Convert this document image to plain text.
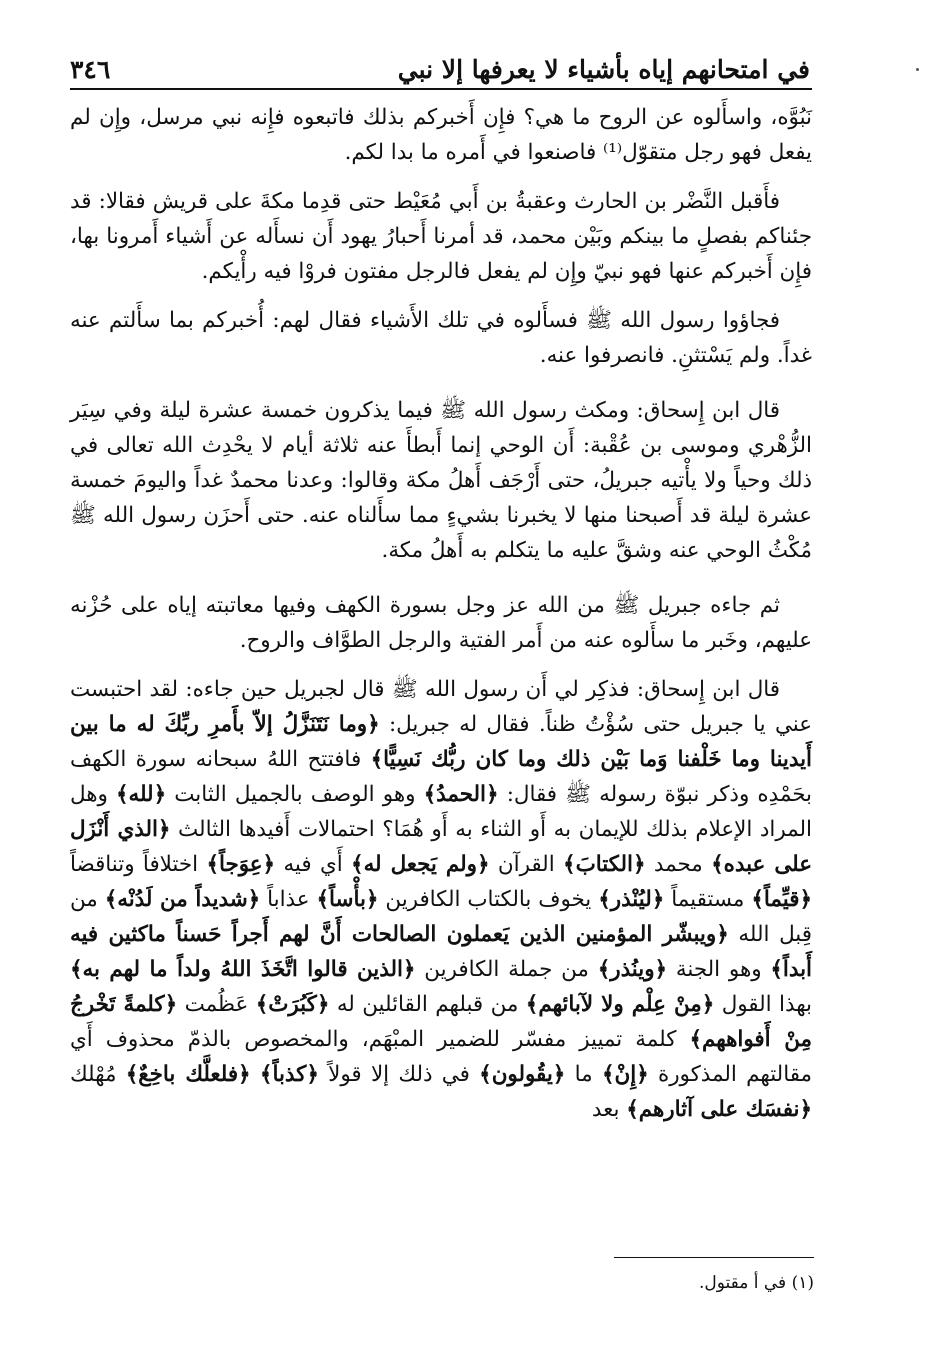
في امتحانهم إياه بأشياء لا يعرفها إلا نبي
٣٤٦

نَبُوَّه، واسأَلوه عن الروح ما هي؟ فإِن أَخبركم بذلك فاتبعوه فإِنه نبي مرسل، وإِن لم يفعل فهو رجل متقوّل⁽¹⁾ فاصنعوا في أَمره ما بدا لكم.

فأَقبل النَّضْر بن الحارث وعقبةُ بن أَبي مُعَيْط حتى قدِما مكةَ على قريش فقالا: قد جئناكم بفصلٍ ما بينكم وبَيْن محمد، قد أمرنا أَحبارُ يهود أَن نسأَله عن أَشياء أَمرونا بها، فإِن أَخبركم عنها فهو نبيّ وإِن لم يفعل فالرجل مفتون فروْا فيه رأْيكم.

فجاؤوا رسول الله ﷺ فسأَلوه في تلك الأَشياء فقال لهم: أُخبركم بما سأَلتم عنه غداً. ولم يَسْتثنِ. فانصرفوا عنه.

قال ابن إِسحاق: ومكث رسول الله ﷺ فيما يذكرون خمسة عشرة ليلة وفي سِيَر الزُّهْري وموسى بن عُقْبة: أَن الوحي إنما أَبطأَ عنه ثلاثة أيام لا يحْدِث الله تعالى في ذلك وحياً ولا يأْتيه جبريلُ، حتى أَرْجَف أَهلُ مكة وقالوا: وعدنا محمدٌ غداً واليومَ خمسة عشرة ليلة قد أَصبحنا منها لا يخبرنا بشيءٍ مما سأَلناه عنه. حتى أَحزَن رسول الله ﷺ مُكْثُ الوحي عنه وشقَّ عليه ما يتكلم به أَهلُ مكة.

ثم جاءه جبريل ﷺ من الله عز وجل بسورة الكهف وفيها معاتبته إياه على حُزْنه عليهم، وخَبر ما سأَلوه عنه من أَمر الفتية والرجل الطوَّاف والروح.

قال ابن إِسحاق: فذكِر لي أَن رسول الله ﷺ قال لجبريل حين جاءه: لقد احتبست عني يا جبريل حتى سُؤْتُ ظناً. فقال له جبريل: ﴿وما نَتَنَزَّلُ إلاّ بأَمرِ ربِّكَ له ما بين أَيدينا وما خَلْفنا وَما بَيْن ذلك وما كان ربُّك نَسِيًّا﴾ فافتتح اللهُ سبحانه سورة الكهف بحَمْدِه وذكر نبوّة رسوله ﷺ فقال: ﴿الحمدُ﴾ وهو الوصف بالجميل الثابت ﴿لله﴾ وهل المراد الإعلام بذلك للإيمان به أَو الثناء به أَو هُمَا؟ احتمالات أَفيدها الثالث ﴿الذي أَنْزَل على عبده﴾ محمد ﴿الكتابَ﴾ القرآن ﴿ولم يَجعل له﴾ أَي فيه ﴿عِوَجاً﴾ اختلافاً وتناقضاً ﴿قيِّماً﴾ مستقيماً ﴿ليُنْذر﴾ يخوف بالكتاب الكافرين ﴿بأْساً﴾ عذاباً ﴿شديداً من لَدُنْه﴾ من قِبل الله ﴿ويبشّر المؤمنين الذين يَعملون الصالحات أَنَّ لهم أَجراً حَسناً ماكثين فيه أَبداً﴾ وهو الجنة ﴿وينُذر﴾ من جملة الكافرين ﴿الذين قالوا اتَّخَذَ اللهُ ولداً ما لهم به﴾ بهذا القول ﴿مِنْ عِلْم ولا لآبائهم﴾ من قبلهم القائلين له ﴿كَبُرَتْ﴾ عَظُمت ﴿كلمةً تَخْرجُ مِنْ أَفواههم﴾ كلمة تمييز مفسّر للضمير المبْهَم، والمخصوص بالذمّ محذوف أَي مقالتهم المذكورة ﴿إِنْ﴾ ما ﴿يقُولون﴾ في ذلك إلا قولاً ﴿كذباً﴾ ﴿فلعلَّك باخِعٌ﴾ مُهْلك ﴿نفسَك على آثارهم﴾ بعد

(١) في أ مقتول.
